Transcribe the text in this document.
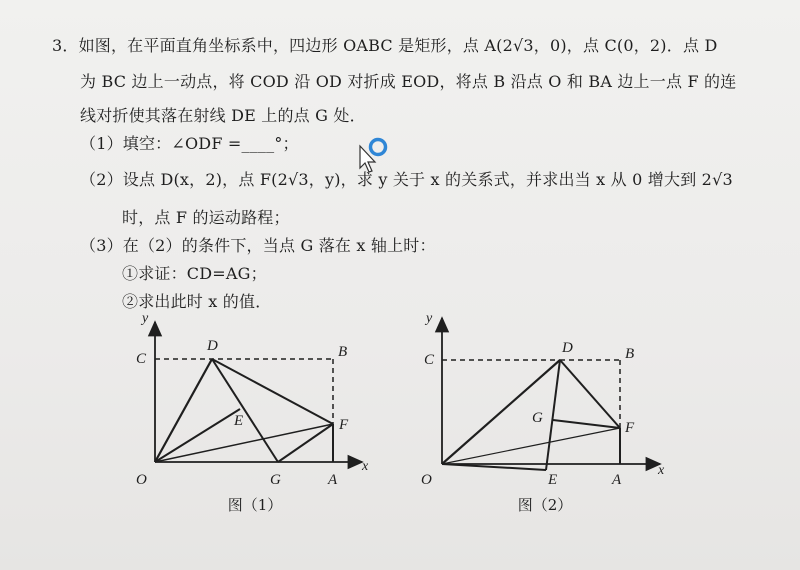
3．如图，在平面直角坐标系中，四边形 OABC 是矩形，点 A(2√3，0)，点 C(0，2)．点 D
为 BC 边上一动点，将 COD 沿 OD 对折成 EOD，将点 B 沿点 O 和 BA 边上一点 F 的连
线对折使其落在射线 DE 上的点 G 处．
（1）填空：∠ODF =____°；
（2）设点 D(x，2)，点 F(2√3，y)，求 y 关于 x 的关系式，并求出当 x 从 0 增大到 2√3
时，点 F 的运动路程；
（3）在（2）的条件下，当点 G 落在 x 轴上时：
①求证：CD=AG；
②求出此时 x 的值．
y
x
O	A
B
C
D
E	F
G
y
x
O	A
B
C
D
E
F
G
图（1）	图（2）
